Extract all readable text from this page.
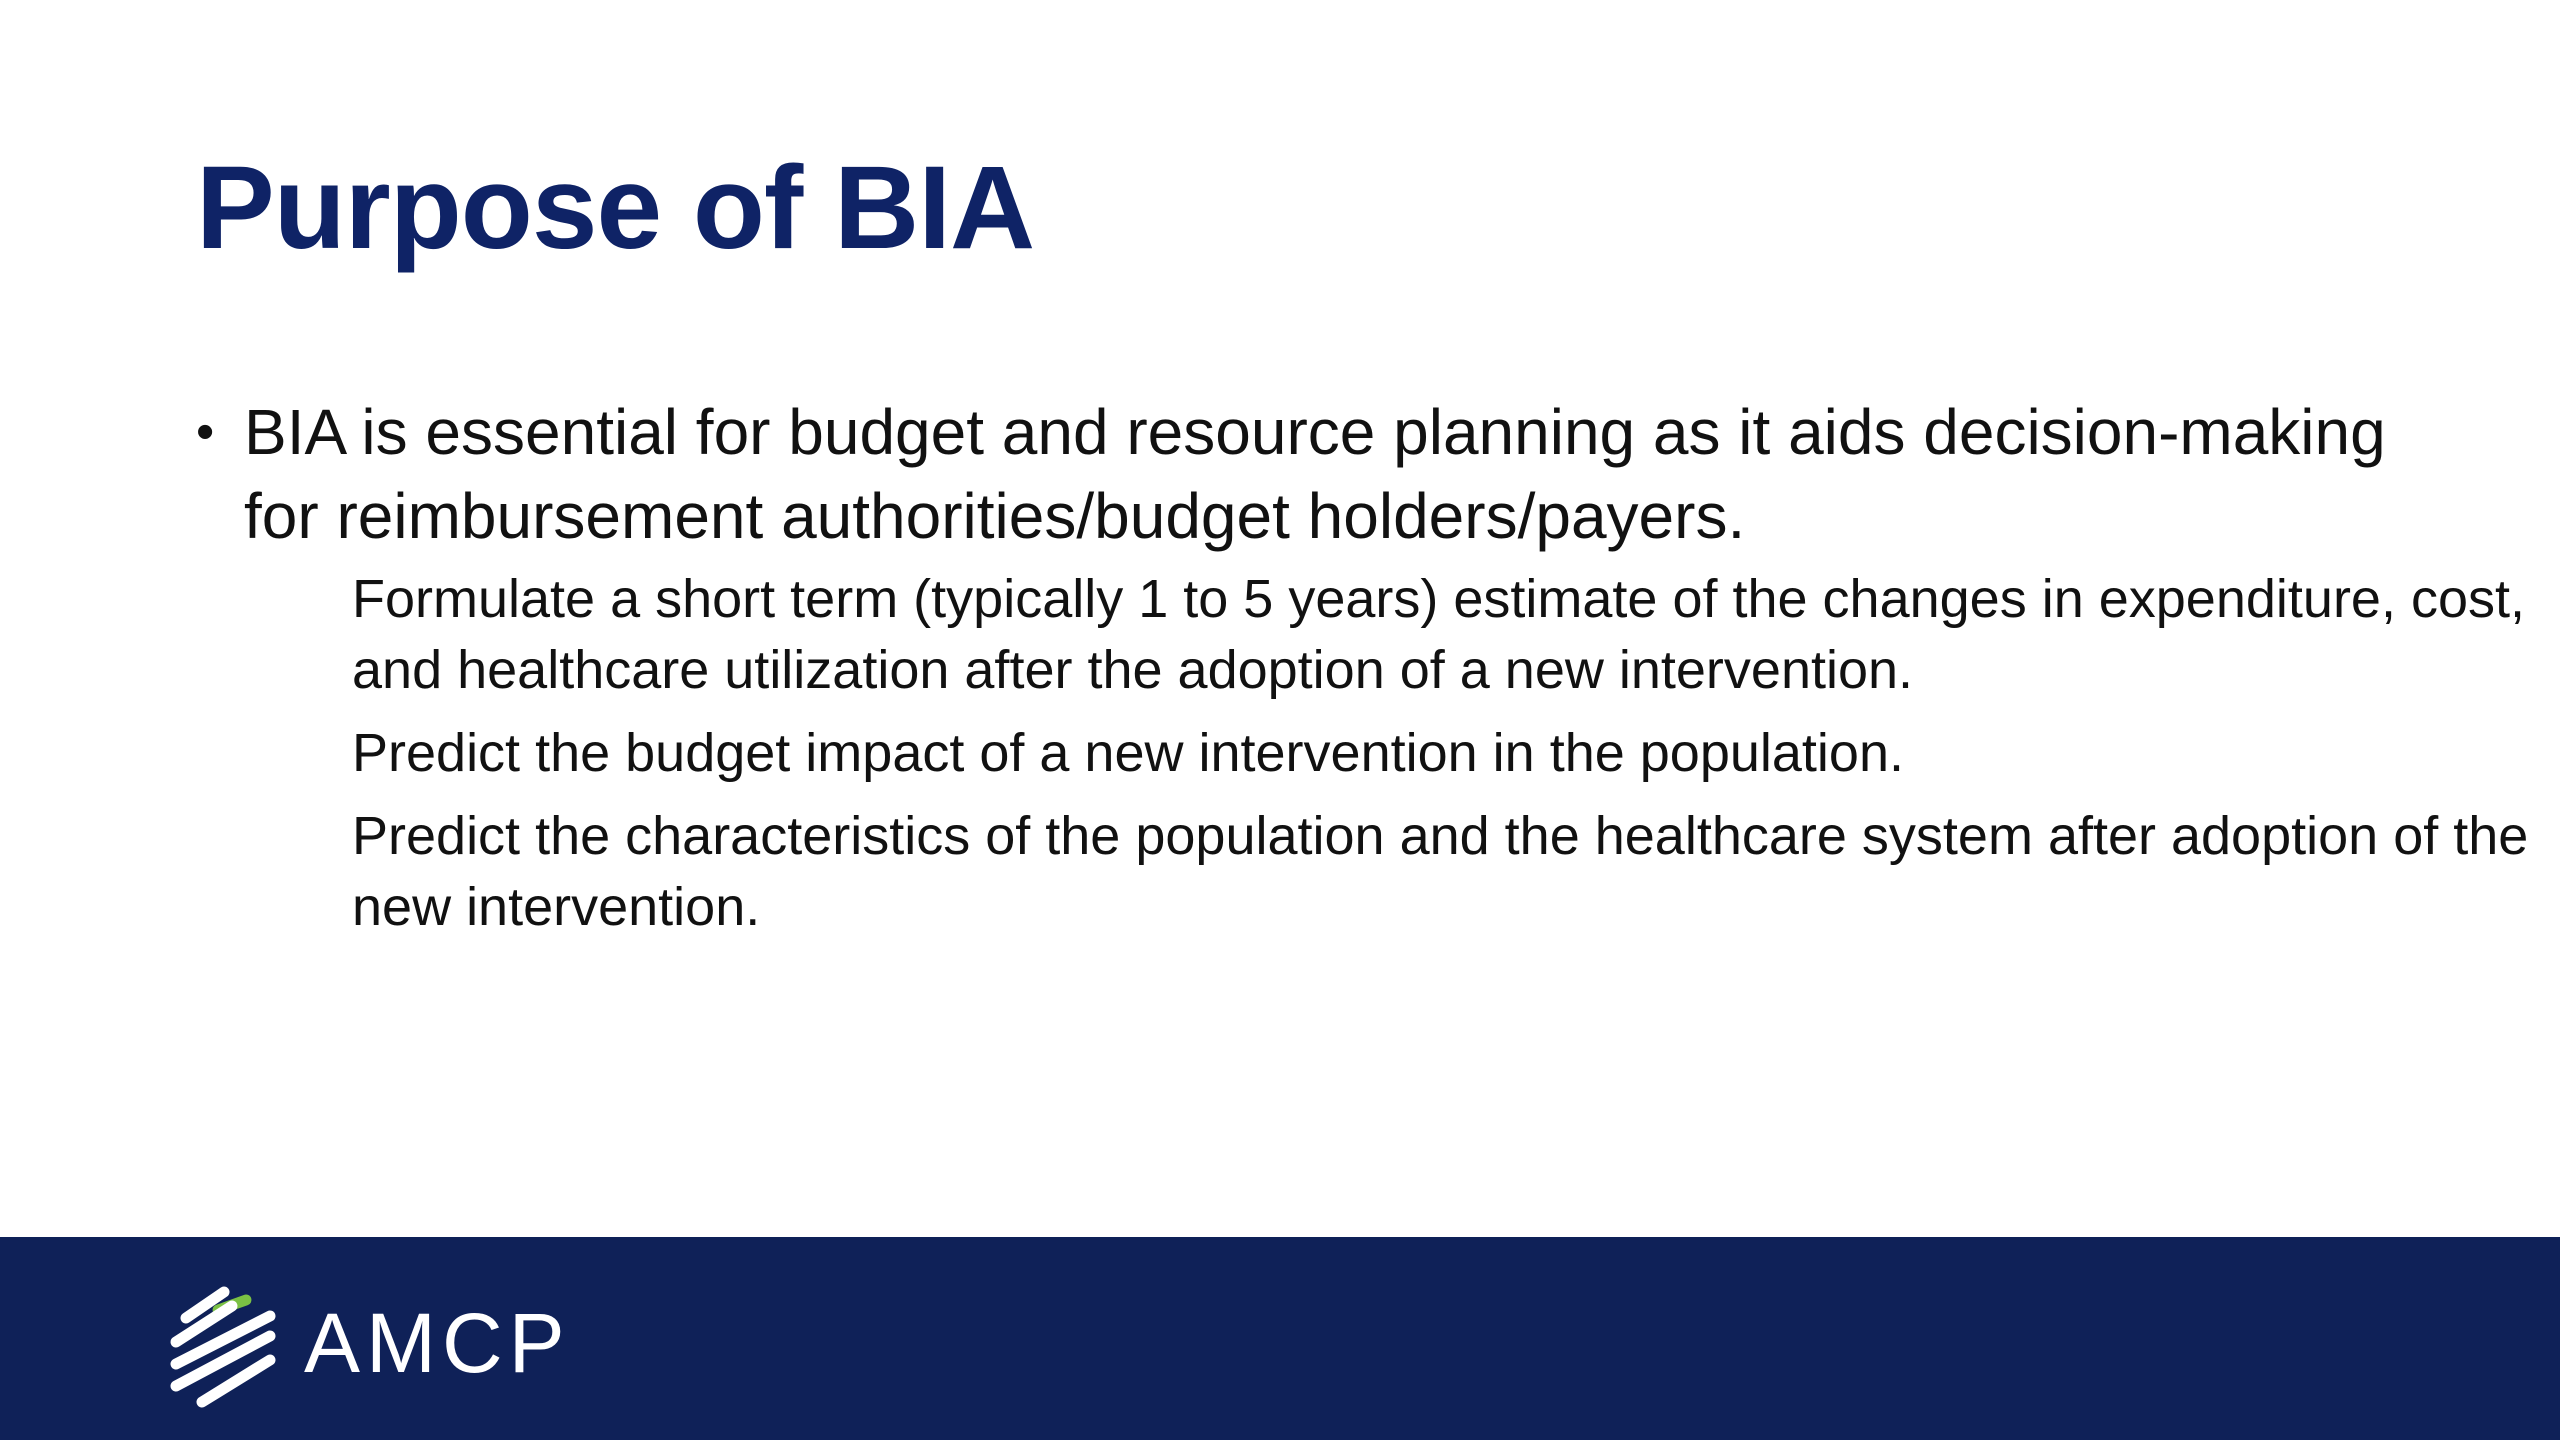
Purpose of BIA
• BIA is essential for budget and resource planning as it aids decision-making for reimbursement authorities/budget holders/payers.
Formulate a short term (typically 1 to 5 years) estimate of the changes in expenditure, cost, and healthcare utilization after the adoption of a new intervention.
Predict the budget impact of a new intervention in the population.
Predict the characteristics of the population and the healthcare system after adoption of the new intervention.
AMCP
